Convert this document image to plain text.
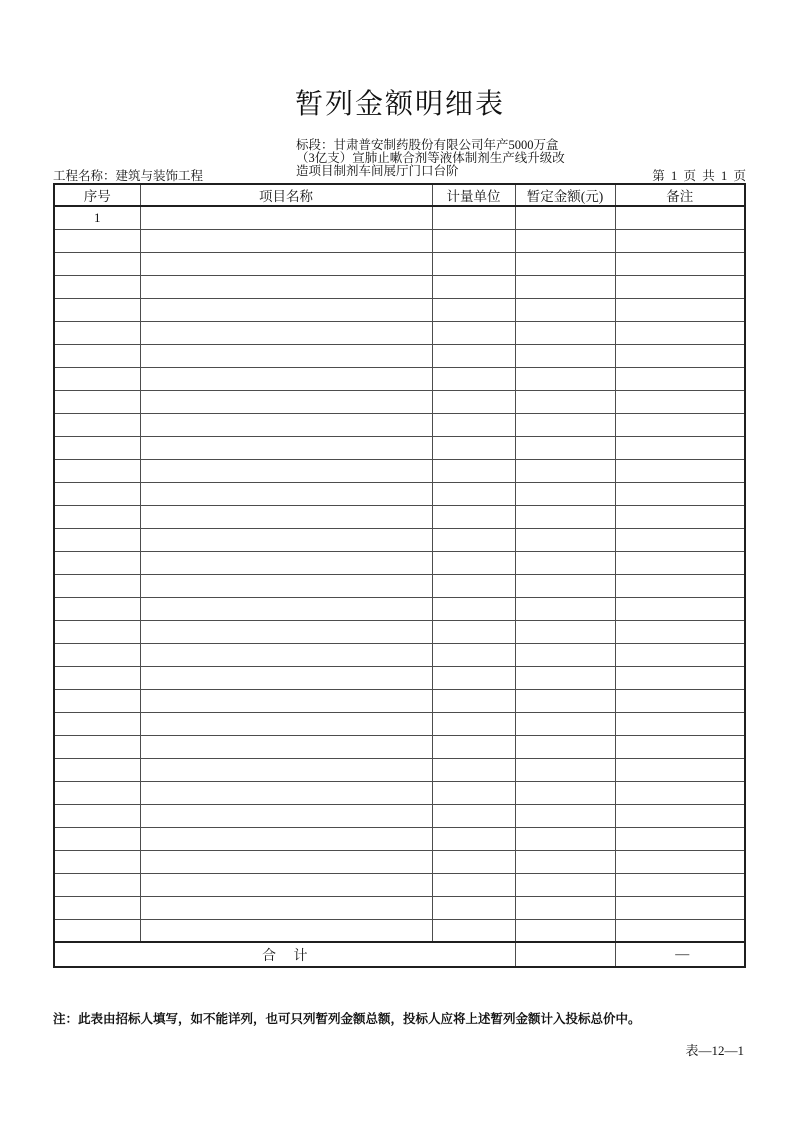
暂列金额明细表
标段：甘肃普安制药股份有限公司年产5000万盒
（3亿支）宣肺止嗽合剂等液体制剂生产线升级改
造项目制剂车间展厅门口台阶
工程名称：建筑与装饰工程	第  1  页  共  1  页
序号	项目名称	计量单位	暂定金额(元)	备注
1				

合     计				—
注：此表由招标人填写，如不能详列，也可只列暂列金额总额，投标人应将上述暂列金额计入投标总价中。
表—12—1
